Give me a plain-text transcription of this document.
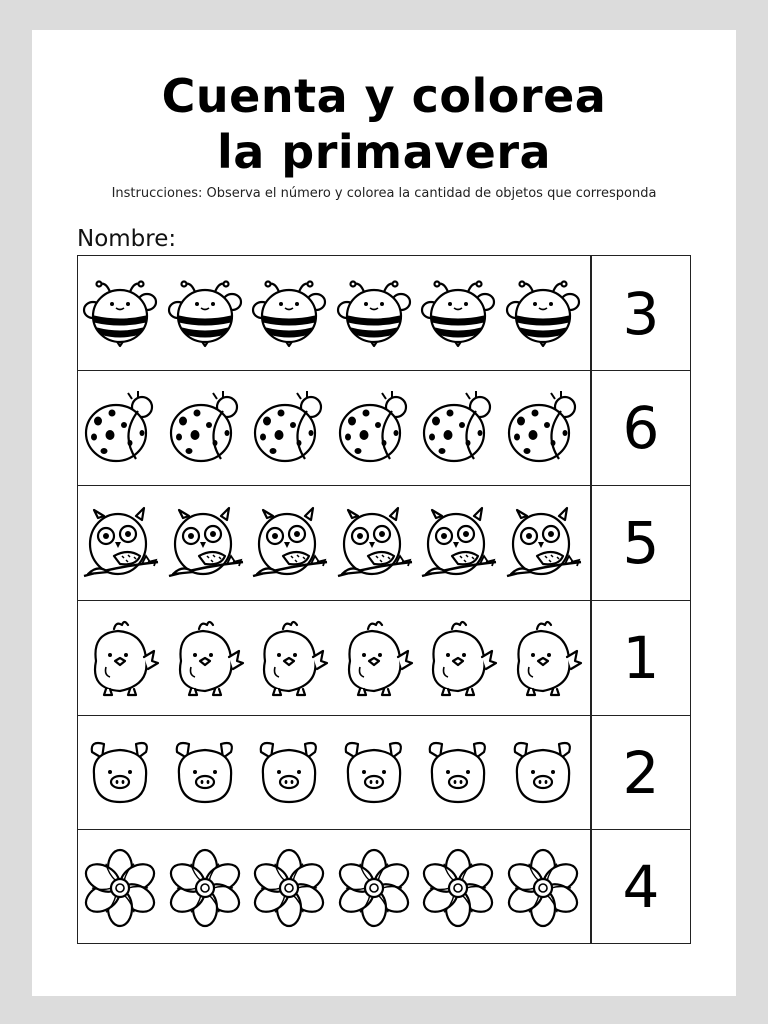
Cuenta y colorea
la primavera
Instrucciones: Observa el número y colorea la cantidad de objetos que corresponda
Nombre:
3
6
5
1
2
4
